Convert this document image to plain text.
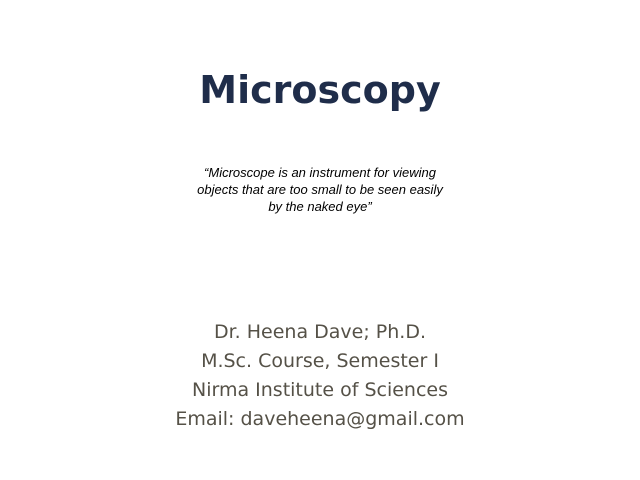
Microscopy
“Microscope is an instrument for viewing
objects that are too small to be seen easily
by the naked eye”
Dr. Heena Dave; Ph.D.
M.Sc. Course, Semester I
Nirma Institute of Sciences
Email: daveheena@gmail.com
